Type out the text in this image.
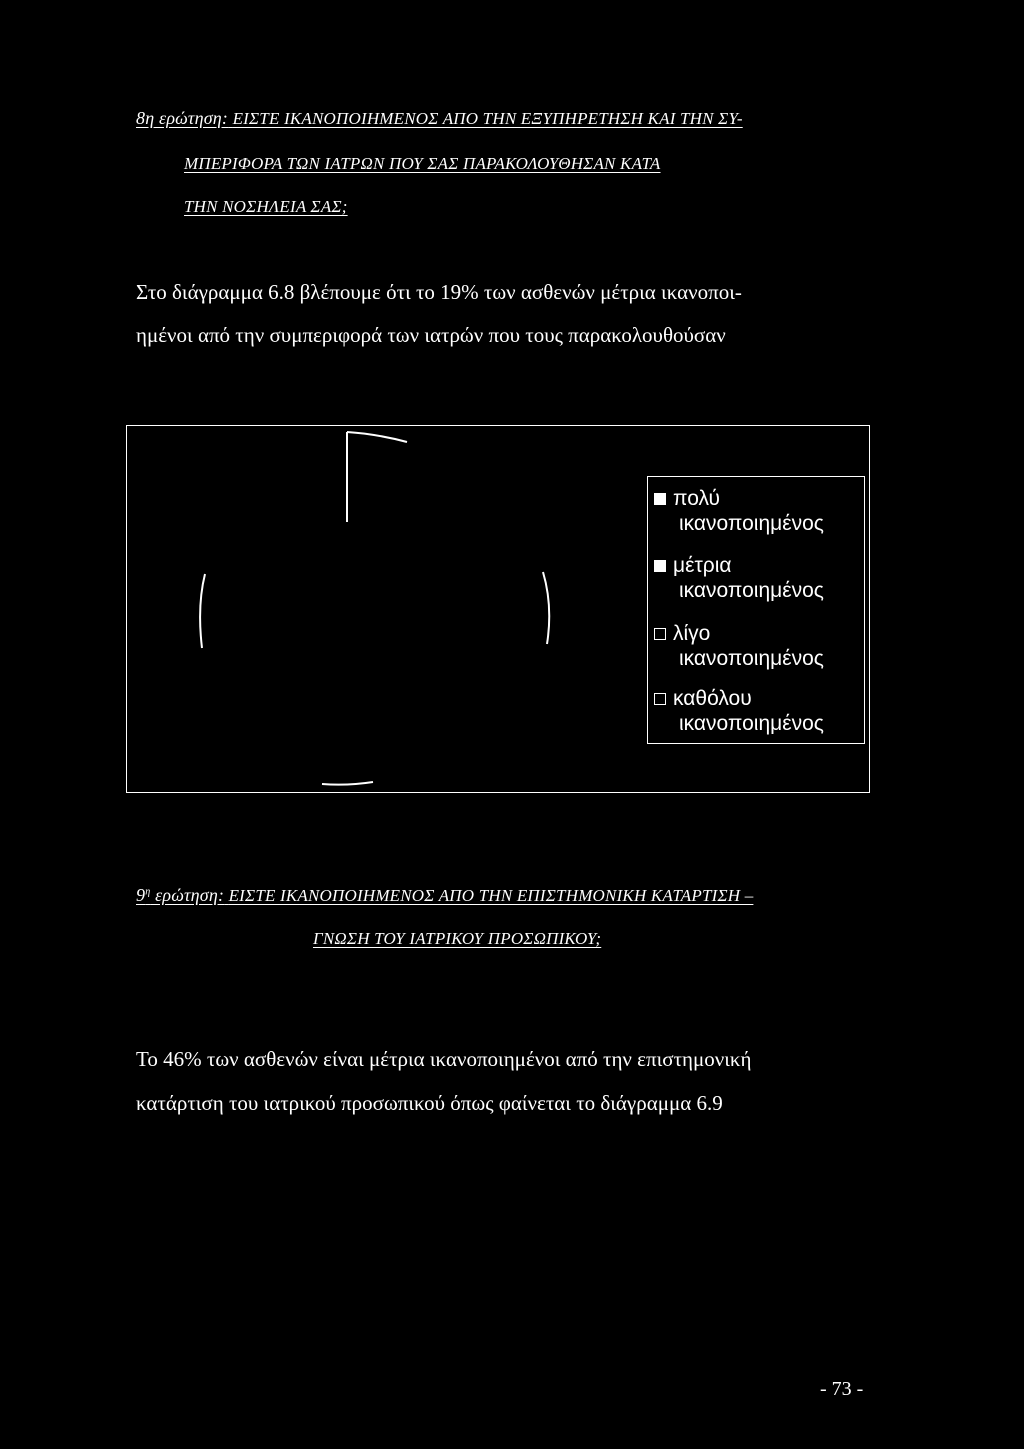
8η ερώτηση: ΕΙΣΤΕ ΙΚΑΝΟΠΟΙΗΜΕΝΟΣ ΑΠΟ ΤΗΝ ΕΞΥΠΗΡΕΤΗΣΗ ΚΑΙ ΤΗΝ ΣΥ-
ΜΠΕΡΙΦΟΡΑ ΤΩΝ ΙΑΤΡΩΝ ΠΟΥ ΣΑΣ ΠΑΡΑΚΟΛΟΥΘΗΣΑΝ ΚΑΤΑ
ΤΗΝ ΝΟΣΗΛΕΙΑ ΣΑΣ;
Στο διάγραμμα 6.8 βλέπουμε ότι το 19% των ασθενών μέτρια ικανοποι-
ημένοι από την συμπεριφορά των ιατρών που τους παρακολουθούσαν
πολύ
ικανοποιημένος
μέτρια
ικανοποιημένος
λίγο
ικανοποιημένος
καθόλου
ικανοποιημένος
$9^\eta$ ερώτηση: ΕΙΣΤΕ ΙΚΑΝΟΠΟΙΗΜΕΝΟΣ ΑΠΟ ΤΗΝ ΕΠΙΣΤΗΜΟΝΙΚΗ ΚΑΤΑΡΤΙΣΗ –
ΓΝΩΣΗ ΤΟΥ ΙΑΤΡΙΚΟΥ ΠΡΟΣΩΠΙΚΟΥ;
Το 46% των ασθενών είναι μέτρια ικανοποιημένοι από την επιστημονική
κατάρτιση του ιατρικού προσωπικού όπως φαίνεται το διάγραμμα 6.9
- 73 -
